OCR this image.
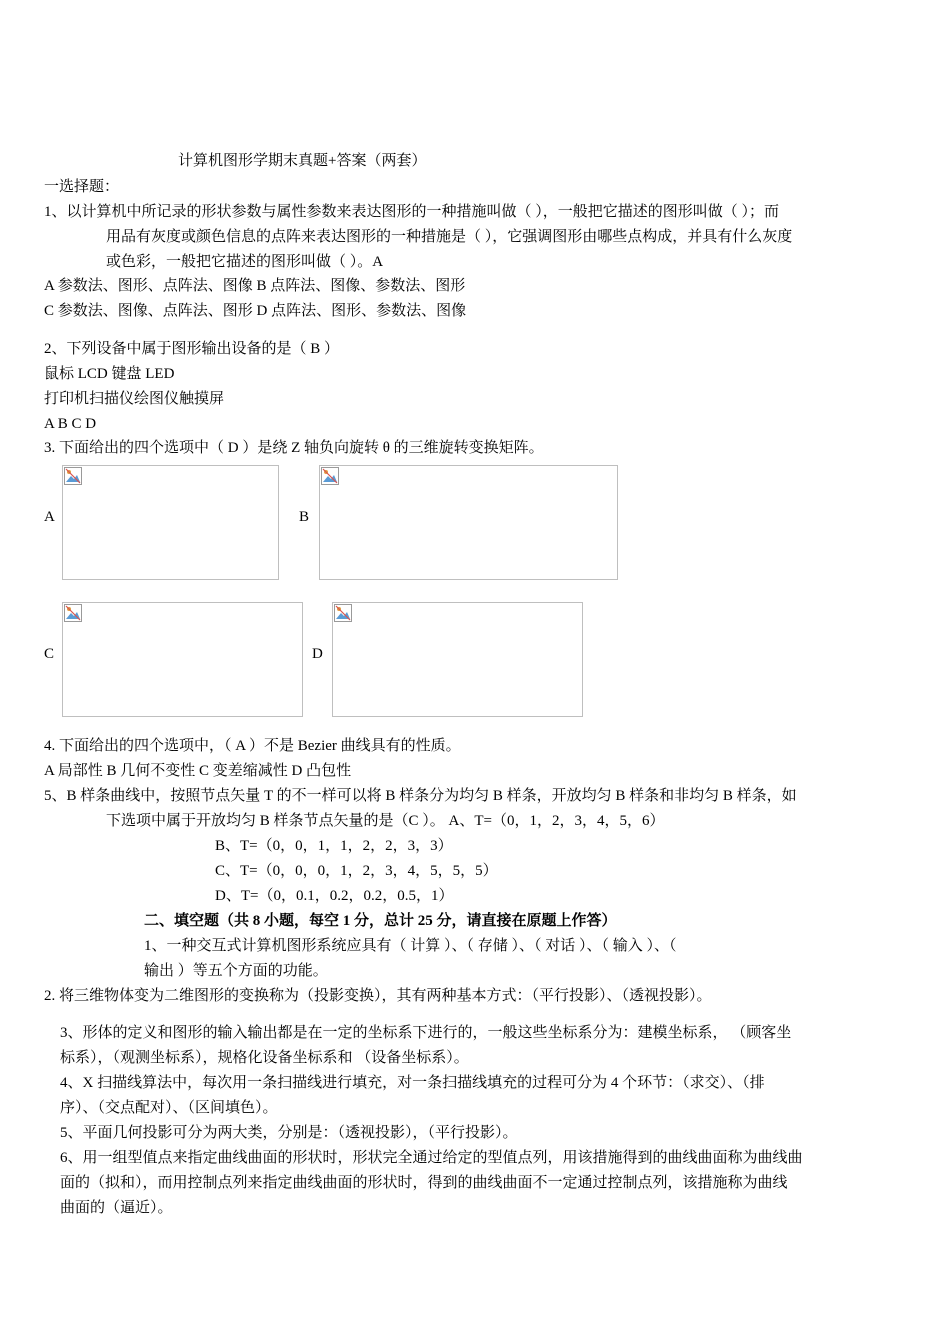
计算机图形学期末真题+答案（两套）
一选择题：
1、以计算机中所记录的形状参数与属性参数来表达图形的一种措施叫做（ ），一般把它描述的图形叫做（ ）；而
用品有灰度或颜色信息的点阵来表达图形的一种措施是（ ），它强调图形由哪些点构成，并具有什么灰度
或色彩，一般把它描述的图形叫做（ ）。A
A 参数法、图形、点阵法、图像 B 点阵法、图像、参数法、图形
C 参数法、图像、点阵法、图形 D 点阵法、图形、参数法、图像
2、下列设备中属于图形输出设备的是（ B ）
鼠标 LCD 键盘 LED
打印机扫描仪绘图仪触摸屏
A B C D
3. 下面给出的四个选项中（ D ）是绕 Z 轴负向旋转 θ 的三维旋转变换矩阵。
A	B
C	D
4. 下面给出的四个选项中，（ A ）不是 Bezier 曲线具有的性质。
A 局部性 B 几何不变性 C 变差缩减性 D 凸包性
5、B 样条曲线中，按照节点矢量 T 的不一样可以将 B 样条分为均匀 B 样条，开放均匀 B 样条和非均匀 B 样条，如
下选项中属于开放均匀 B 样条节点矢量的是（C ）。 A、T=（0，1，2，3，4，5，6）
B、T=（0，0，1，1，2，2，3，3）
C、T=（0，0，0，1，2，3，4，5，5，5）
D、T=（0，0.1，0.2，0.2，0.5，1）
二、填空题（共 8 小题，每空 1 分，总计 25 分，请直接在原题上作答）
1、一种交互式计算机图形系统应具有（ 计算 ）、（ 存储 ）、（ 对话 ）、（ 输入 ）、（
输出 ）等五个方面的功能。
2. 将三维物体变为二维图形的变换称为（投影变换），其有两种基本方式：（平行投影）、（透视投影）。
3、形体的定义和图形的输入输出都是在一定的坐标系下进行的，一般这些坐标系分为：建模坐标系， （顾客坐
标系），（观测坐标系），规格化设备坐标系和 （设备坐标系）。
4、X 扫描线算法中，每次用一条扫描线进行填充，对一条扫描线填充的过程可分为 4 个环节：（求交）、（排
序）、（交点配对）、（区间填色）。
5、平面几何投影可分为两大类，分别是：（透视投影），（平行投影）。
6、用一组型值点来指定曲线曲面的形状时，形状完全通过给定的型值点列，用该措施得到的曲线曲面称为曲线曲
面的（拟和），而用控制点列来指定曲线曲面的形状时，得到的曲线曲面不一定通过控制点列，该措施称为曲线
曲面的（逼近）。
